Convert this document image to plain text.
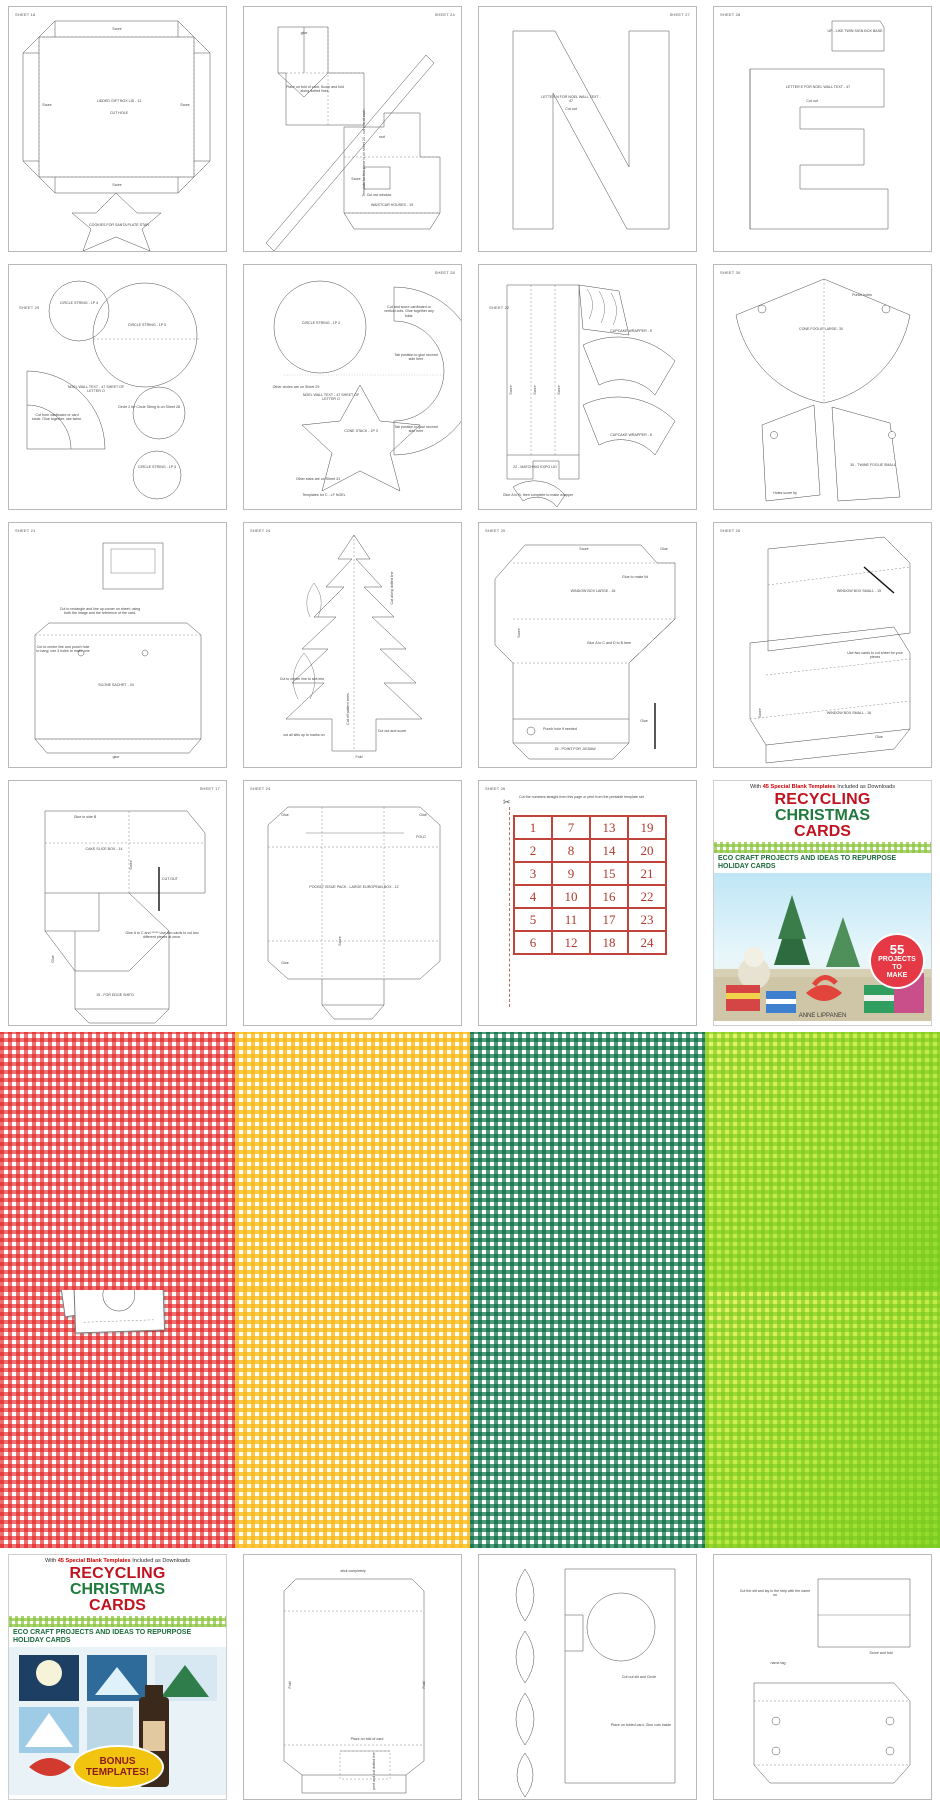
SHEET 18
LIDDED GIFT BOX LID - 11
CUT HOLE
COOKIES FOR SANTA PLATE STAR
Score	Score
Score
Score
SHEET 24
glue
Place on fold of card. Score and fold along dotted lines.
Template for this piece is on sheet 23 - cut one of each
WAISTCAR HOUSES - 19
roof
Score
Cut out window
SHEET 27
LETTER N FOR NOEL WALL TEXT - 47
Cut out
SHEET 28
LETTER E FOR NOEL WALL TEXT - 47
UP - LIKE TWIN SIGN BOX BASE
Cut out
SHEET 29
CIRCLE STRING - 1P 4
CIRCLE STRING - 1P 5
CIRCLE STRING - 1P 3
NOEL WALL TEXT - 47 SHEET OF LETTER O
Circle 2 for Circle String is on Sheet 28
Cut from cardboard or card stock. Glue together, use twine.
SHEET 28
CIRCLE STRING - 1P 2
CONE STACK - 1P 3
NOEL WALL TEXT - 47 SHEET OF LETTER O
Other circles are on Sheet 29
Other stars are on Sheet 31
Templates for C - LF NOEL
Cut and score cardboard or vertical cuts. Glue together any folds.
Tab position to glue second side here
Tab position to glue second side here
SHEET 22
CUPCAKE WRAPPER - 5
CUPCAKE WRAPPER - 6
22 - MATCHING EXPO LID
Glue A to B, then complete to make wrapper
Score	Score	Score
SHEET 30
CONE FOGLIE LARGE- 30
30 - TWINE FOGLIE SMALL
Punch holes
Holes score by
SHEET 21
SCONE SACHET - 34
Cut to rectangle and line up corner on sheet; using both the image and the reference of the card.
Cut to centre line and punch hole to hang; use 3 holes to make one
glue
SHEET 24
Cut out and score
Cut along dotted line
Cut off pattern trees
Fold
Cut to centre line to slot into
cut all slits up to marks on
SHEET 20
WINDOW BOX LARGE - 16
Glue A to C and D to B here
Glue to make lid
Score
Score
Glue
Glue
Punch hole if needed
15 - POINT FOR JIGSAW
SHEET 26
WINDOW BOX SMALL - 15
Use two cards to cut sheet for your pieces
WINDOW BOX SMALL - 16
Score
Glue
SHEET 17
CAKE SLICE BOX - 14
Glue to side B
Glue A to C and ***** Use two cards to cut two different pieces at once.
CUT OUT
Score
15 - FOR EDGE SHE'D
Glue
SHEET 24
POCKET ISSUE PACK - LARGE EUROPEAN BOX - 12
Glue	Glue
Glue
FOLD
Score
SHEET 26
✂ Cut the numbers straight from this page or print from the printable template set
1	7	13	19
2	8	14	20
3	9	15	21
4	10	16	22
5	11	17	23
6	12	18	24
With 45 Special Blank Templates Included as Downloads
RECYCLING
CHRISTMAS
CARDS
ECO CRAFT PROJECTS AND IDEAS TO REPURPOSE HOLIDAY CARDS
55
PROJECTS
TO
MAKE
ANNE LIPPANEN
With 45 Special Blank Templates Included as Downloads
RECYCLING
CHRISTMAS
CARDS
ECO CRAFT PROJECTS AND IDEAS TO REPURPOSE HOLIDAY CARDS
BONUS
TEMPLATES!
stick completely
Place on fold of card
Fold	Fold
print and cut dotted line
Cut out slit and Circle
Place on folded card. Glue cuts inside
Cut the slit and lay in the strip with the name on
Score and fold
name tag
